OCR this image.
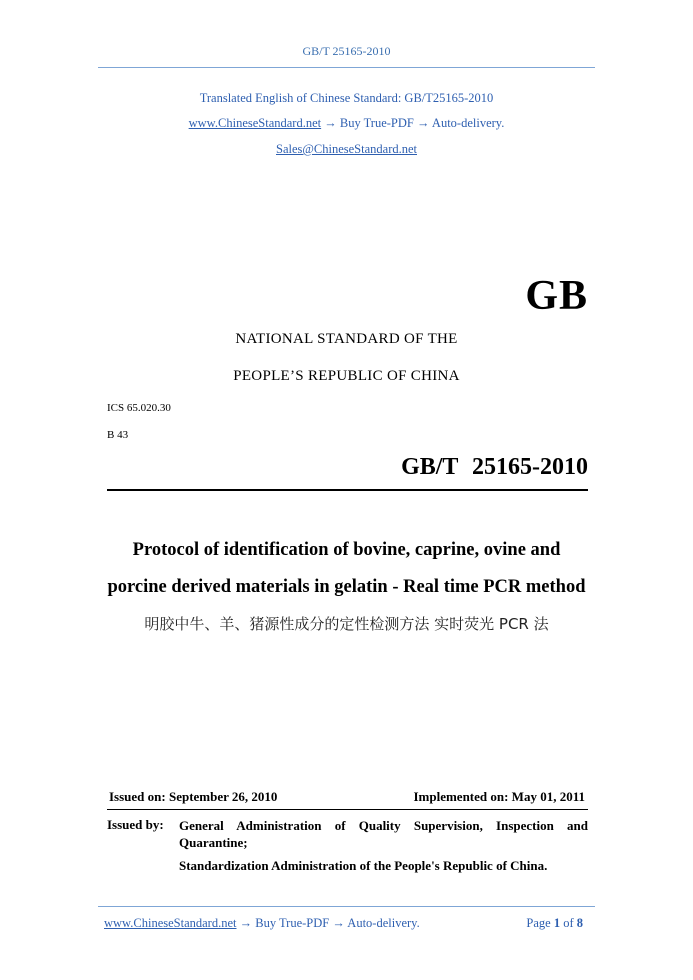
GB/T 25165-2010
Translated English of Chinese Standard: GB/T25165-2010
www.ChineseStandard.net → Buy True-PDF → Auto-delivery.
Sales@ChineseStandard.net
GB
NATIONAL STANDARD OF THE
PEOPLE’S REPUBLIC OF CHINA
ICS 65.020.30
B 43
GB/T 25165-2010
Protocol of identification of bovine, caprine, ovine and
porcine derived materials in gelatin - Real time PCR method
明胶中牛、羊、猪源性成分的定性检测方法 实时荧光 PCR 法
Issued on: September 26, 2010	Implemented on: May 01, 2011
Issued by: General Administration of Quality Supervision, Inspection and Quarantine;
Standardization Administration of the People's Republic of China.
www.ChineseStandard.net → Buy True-PDF → Auto-delivery.	Page 1 of 8
